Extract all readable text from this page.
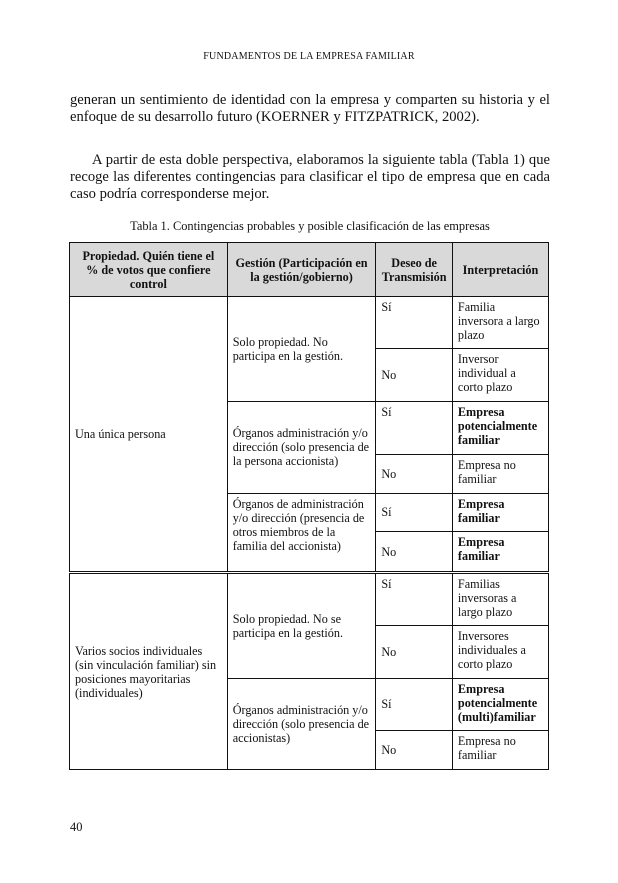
FUNDAMENTOS DE LA EMPRESA FAMILIAR

generan un sentimiento de identidad con la empresa y comparten su historia y el enfoque de su desarrollo futuro (KOERNER y FITZPATRICK, 2002).

A partir de esta doble perspectiva, elaboramos la siguiente tabla (Tabla 1) que recoge las diferentes contingencias para clasificar el tipo de empresa que en cada caso podría corresponderse mejor.

Tabla 1. Contingencias probables y posible clasificación de las empresas
Propiedad. Quién tiene el % de votos que confiere control	Gestión (Participación en la gestión/gobierno)	Deseo de Transmisión	Interpretación
Una única persona	Solo propiedad. No participa en la gestión.	Sí	Familia inversora a largo plazo
		No	Inversor individual a corto plazo
	Órganos administración y/o dirección (solo presencia de la persona accionista)	Sí	Empresa potencialmente familiar
		No	Empresa no familiar
	Órganos de administración y/o dirección (presencia de otros miembros de la familia del accionista)	Sí	Empresa familiar
		No	Empresa familiar
Varios socios individuales (sin vinculación familiar) sin posiciones mayoritarias (individuales)	Solo propiedad. No se participa en la gestión.	Sí	Familias inversoras a largo plazo
		No	Inversores individuales a corto plazo
	Órganos administración y/o dirección (solo presencia de accionistas)	Sí	Empresa potencialmente (multi)familiar
		No	Empresa no familiar
40
